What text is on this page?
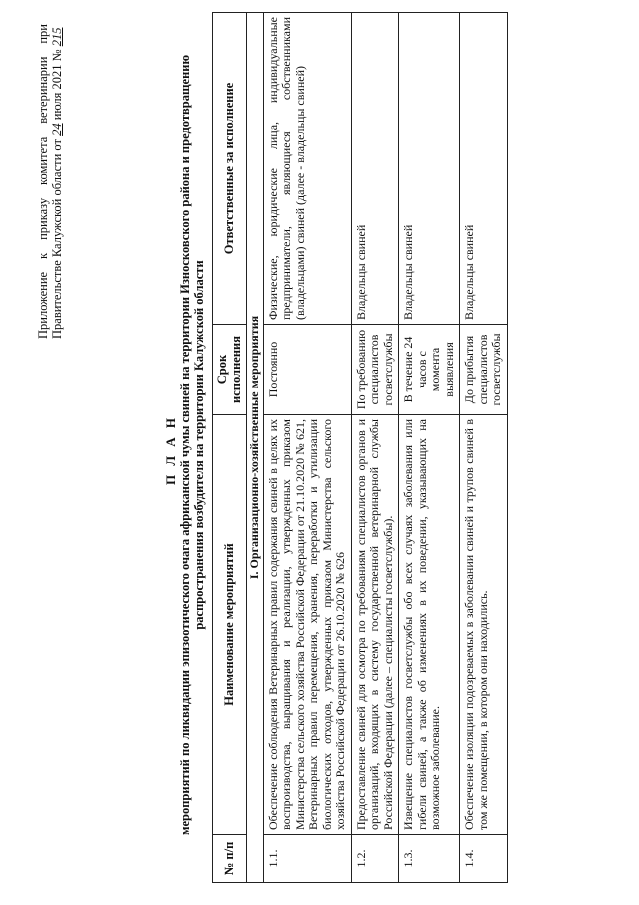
Приложение к приказу комитета ветеринарии при Правительстве Калужской области от 24 июля 2021 № 215
П Л А Н мероприятий по ликвидации эпизоотического очага африканской чумы свиней на территории Износковского района и предотвращению распространения возбудителя на территории Калужской области
№ п/п	Наименование мероприятий	Срок исполнения	Ответственные за исполнение
I. Организационно-хозяйственные мероприятия			
1.1.	Обеспечение соблюдения Ветеринарных правил содержания свиней в целях их воспроизводства, выращивания и реализации, утвержденных приказом Министерства сельского хозяйства Российской Федерации от 21.10.2020 № 621, Ветеринарных правил перемещения, хранения, переработки и утилизации биологических отходов, утвержденных приказом Министерства сельского хозяйства Российской Федерации от 26.10.2020 № 626	Постоянно	Физические, юридические лица, индивидуальные предприниматели, являющиеся собственниками (владельцами) свиней (далее - владельцы свиней)
1.2.	Предоставление свиней для осмотра по требованиям специалистов органов и организаций, входящих в систему государственной ветеринарной службы Российской Федерации (далее – специалисты госветслужбы).	По требованию специалистов госветслужбы	Владельцы свиней
1.3.	Извещение специалистов госветслужбы обо всех случаях заболевания или гибели свиней, а также об изменениях в их поведении, указывающих на возможное заболевание.	В течение 24 часов с момента выявления	Владельцы свиней
1.4.	Обеспечение изоляции подозреваемых в заболевании свиней и трупов свиней в том же помещении, в котором они находились.	До прибытия специалистов госветслужбы	Владельцы свиней
